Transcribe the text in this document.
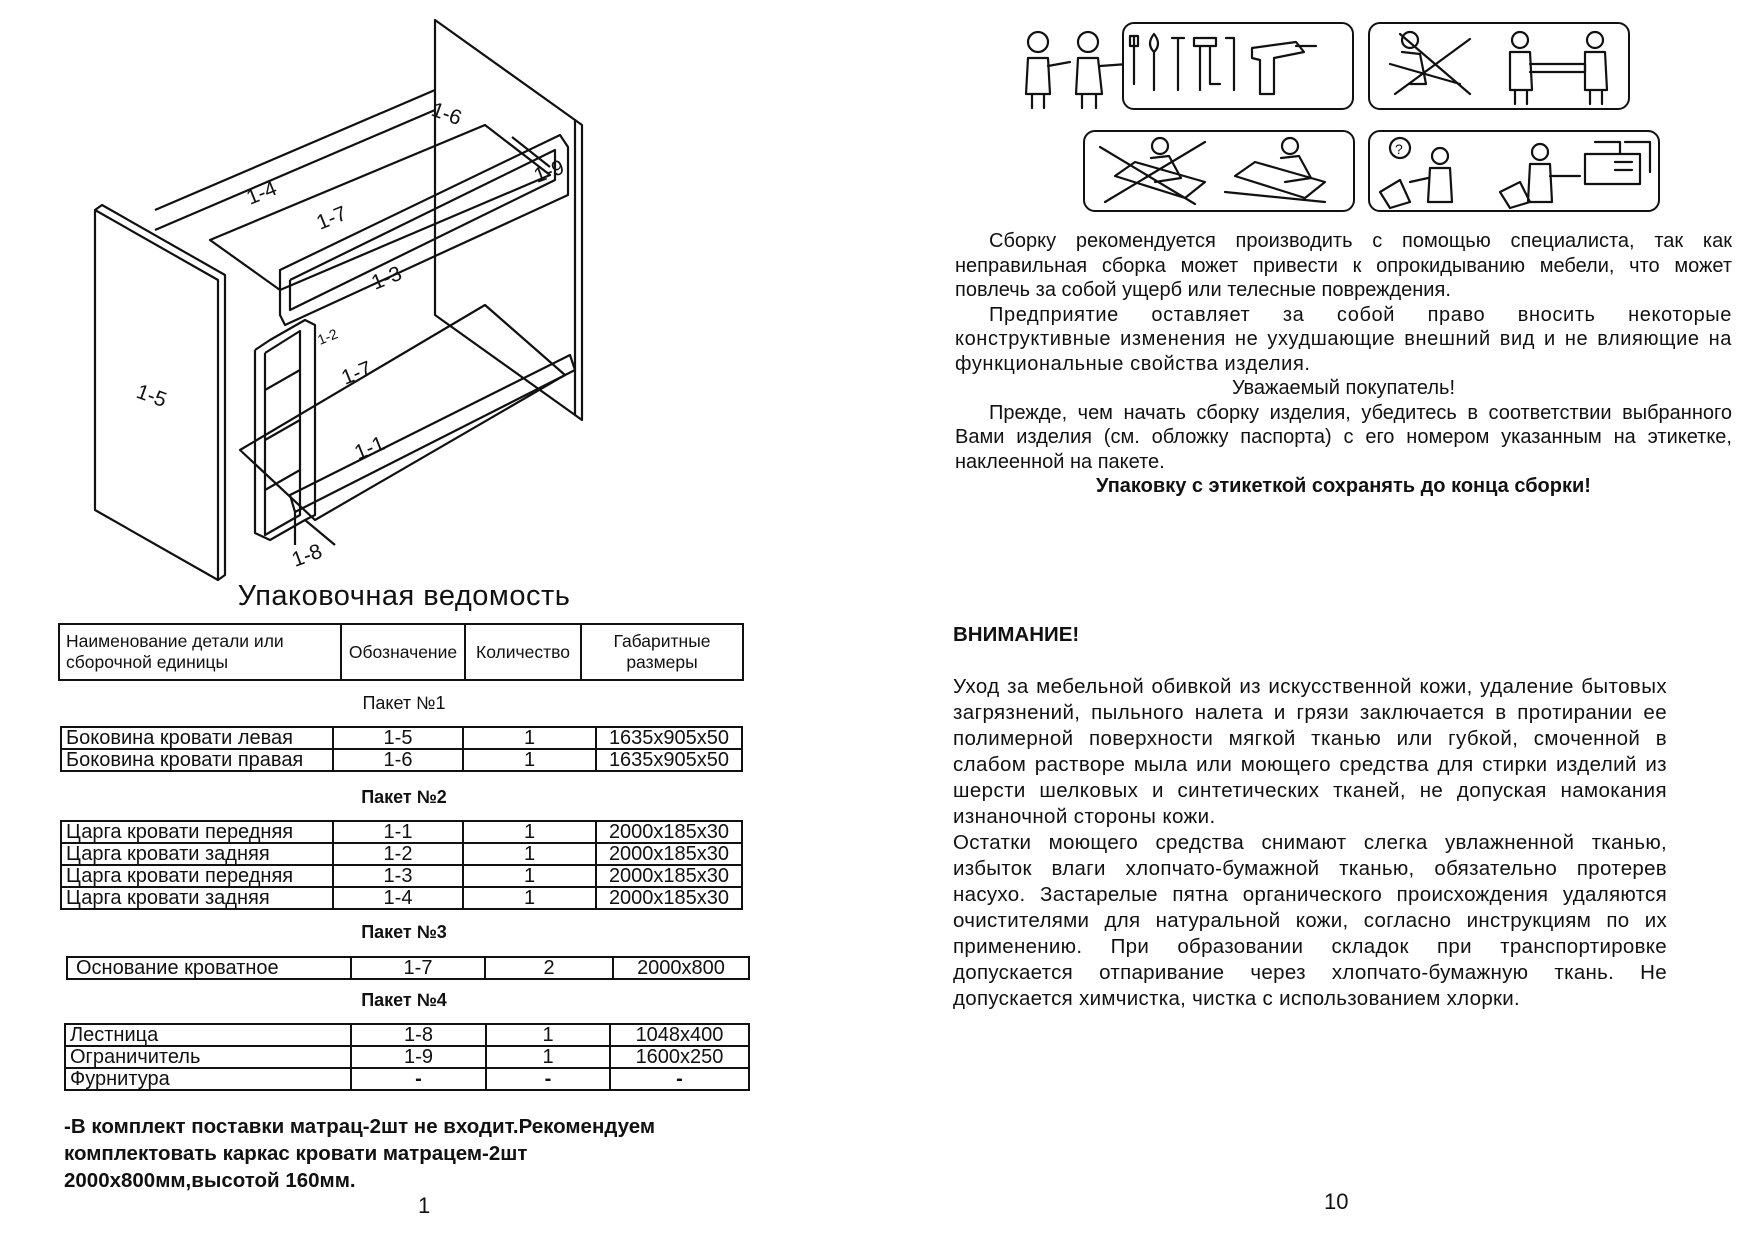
1-6
1-9
1-4
1-7
1-3
1-2
1-7
1-1
1-5
1-8
Упаковочная ведомость
Наименование детали или сборочной единицы	Обозначение	Количество	Габаритные размеры
Пакет №1
Боковина кровати левая	1-5	1	1635x905x50
Боковина кровати правая	1-6	1	1635x905x50
Пакет №2
Царга кровати передняя	1-1	1	2000x185x30
Царга кровати задняя	1-2	1	2000x185x30
Царга кровати передняя	1-3	1	2000x185x30
Царга кровати задняя	1-4	1	2000x185x30
Пакет №3
Основание кроватное	1-7	2	2000x800
Пакет №4
Лестница	1-8	1	1048x400
Ограничитель	1-9	1	1600x250
Фурнитура	-	-	-
-В комплект поставки матрац-2шт не входит.Рекомендуем
комплектовать каркас кровати матрацем-2шт
2000х800мм,высотой 160мм.
1
?

Сборку рекомендуется производить с помощью специалиста, так как неправильная сборка может привести к опрокидыванию мебели, что может повлечь за собой ущерб или телесные повреждения.

Предприятие оставляет за собой право вносить некоторые конструктивные изменения не ухудшающие внешний вид и не влияющие на функциональные свойства изделия.

Уважаемый покупатель!

Прежде, чем начать сборку изделия, убедитесь в соответствии выбранного Вами изделия (см. обложку паспорта) с его номером указанным на этикетке, наклеенной на пакете.

Упаковку с этикеткой сохранять до конца сборки!

ВНИМАНИЕ!

Уход за мебельной обивкой из искусственной кожи, удаление бытовых загрязнений, пыльного налета и грязи заключается в протирании ее полимерной поверхности мягкой тканью или губкой, смоченной в слабом растворе мыла или моющего средства для стирки изделий из шерсти шелковых и синтетических тканей, не допуская намокания изнаночной стороны кожи.

Остатки моющего средства снимают слегка увлажненной тканью, избыток влаги хлопчато-бумажной тканью, обязательно протерев насухо. Застарелые пятна органического происхождения удаляются очистителями для натуральной кожи, согласно инструкциям по их применению. При образовании складок при транспортировке допускается отпаривание через хлопчато-бумажную ткань. Не допускается химчистка, чистка с использованием хлорки.

10
